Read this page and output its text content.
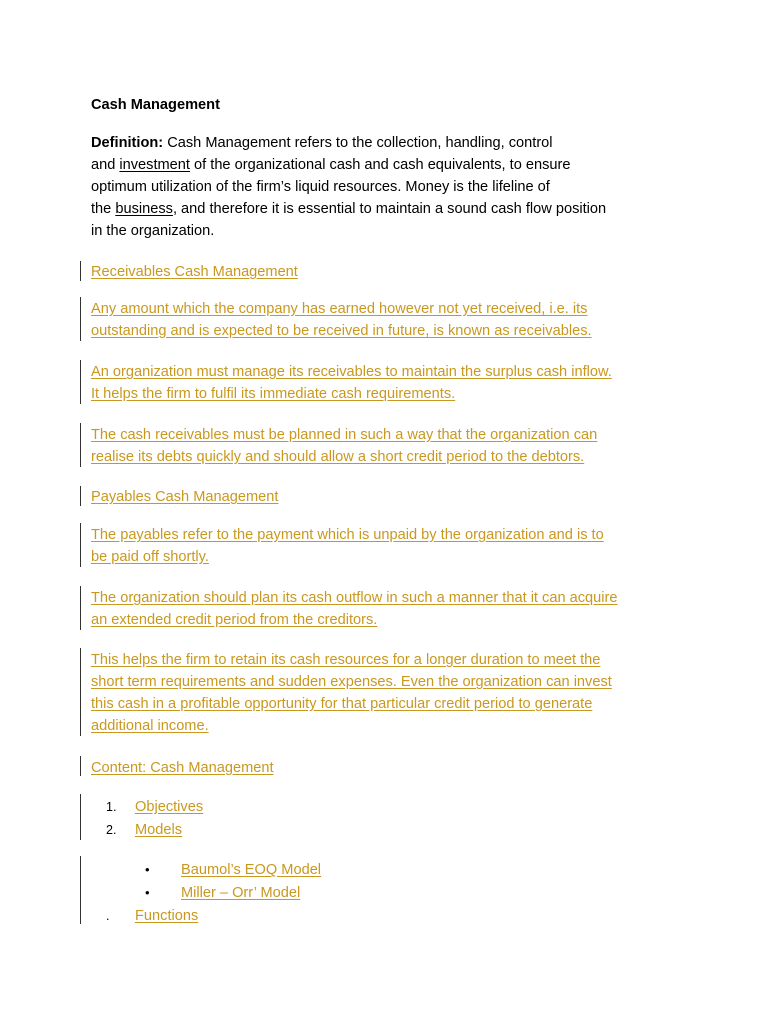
Cash Management
Definition: Cash Management refers to the collection, handling, control
and investment of the organizational cash and cash equivalents, to ensure
optimum utilization of the firm’s liquid resources. Money is the lifeline of
the business, and therefore it is essential to maintain a sound cash flow position
in the organization.
Receivables Cash Management
Any amount which the company has earned however not yet received, i.e. its
outstanding and is expected to be received in future, is known as receivables.
An organization must manage its receivables to maintain the surplus cash inflow.
It helps the firm to fulfil its immediate cash requirements.
The cash receivables must be planned in such a way that the organization can
realise its debts quickly and should allow a short credit period to the debtors.
Payables Cash Management
The payables refer to the payment which is unpaid by the organization and is to
be paid off shortly.
The organization should plan its cash outflow in such a manner that it can acquire
an extended credit period from the creditors.
This helps the firm to retain its cash resources for a longer duration to meet the
short term requirements and sudden expenses. Even the organization can invest
this cash in a profitable opportunity for that particular credit period to generate
additional income.
Content: Cash Management
1. Objectives
2. Models
• Baumol’s EOQ Model
• Miller – Orr’ Model
. Functions
